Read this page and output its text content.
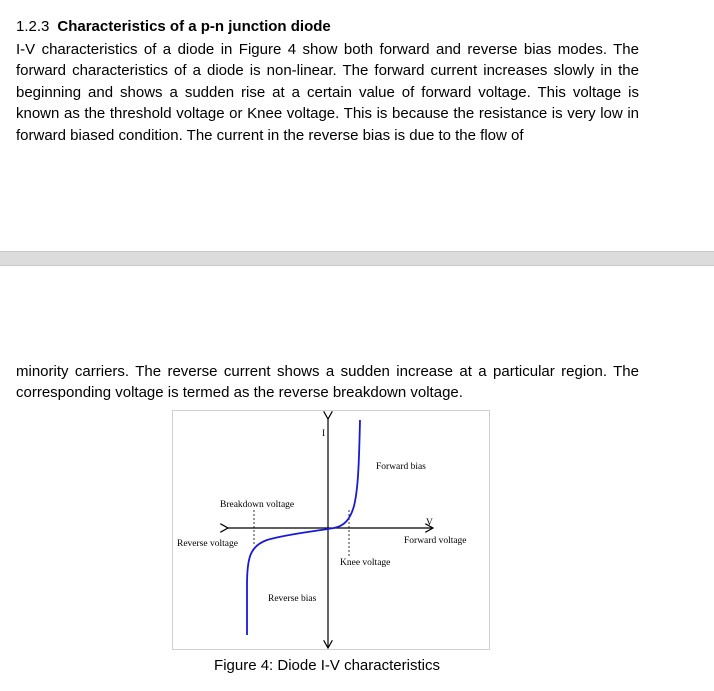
1.2.3 Characteristics of a p-n junction diode

I-V characteristics of a diode in Figure 4 show both forward and reverse bias modes. The forward characteristics of a diode is non-linear. The forward current increases slowly in the beginning and shows a sudden rise at a certain value of forward voltage. This voltage is known as the threshold voltage or Knee voltage. This is because the resistance is very low in forward biased condition. The current in the reverse bias is due to the flow of

minority carriers. The reverse current shows a sudden increase at a particular region. The corresponding voltage is termed as the reverse breakdown voltage.

I
V
Forward bias
Breakdown voltage
Reverse voltage	Forward voltage
Knee voltage
Reverse bias

Figure 4: Diode I-V characteristics
